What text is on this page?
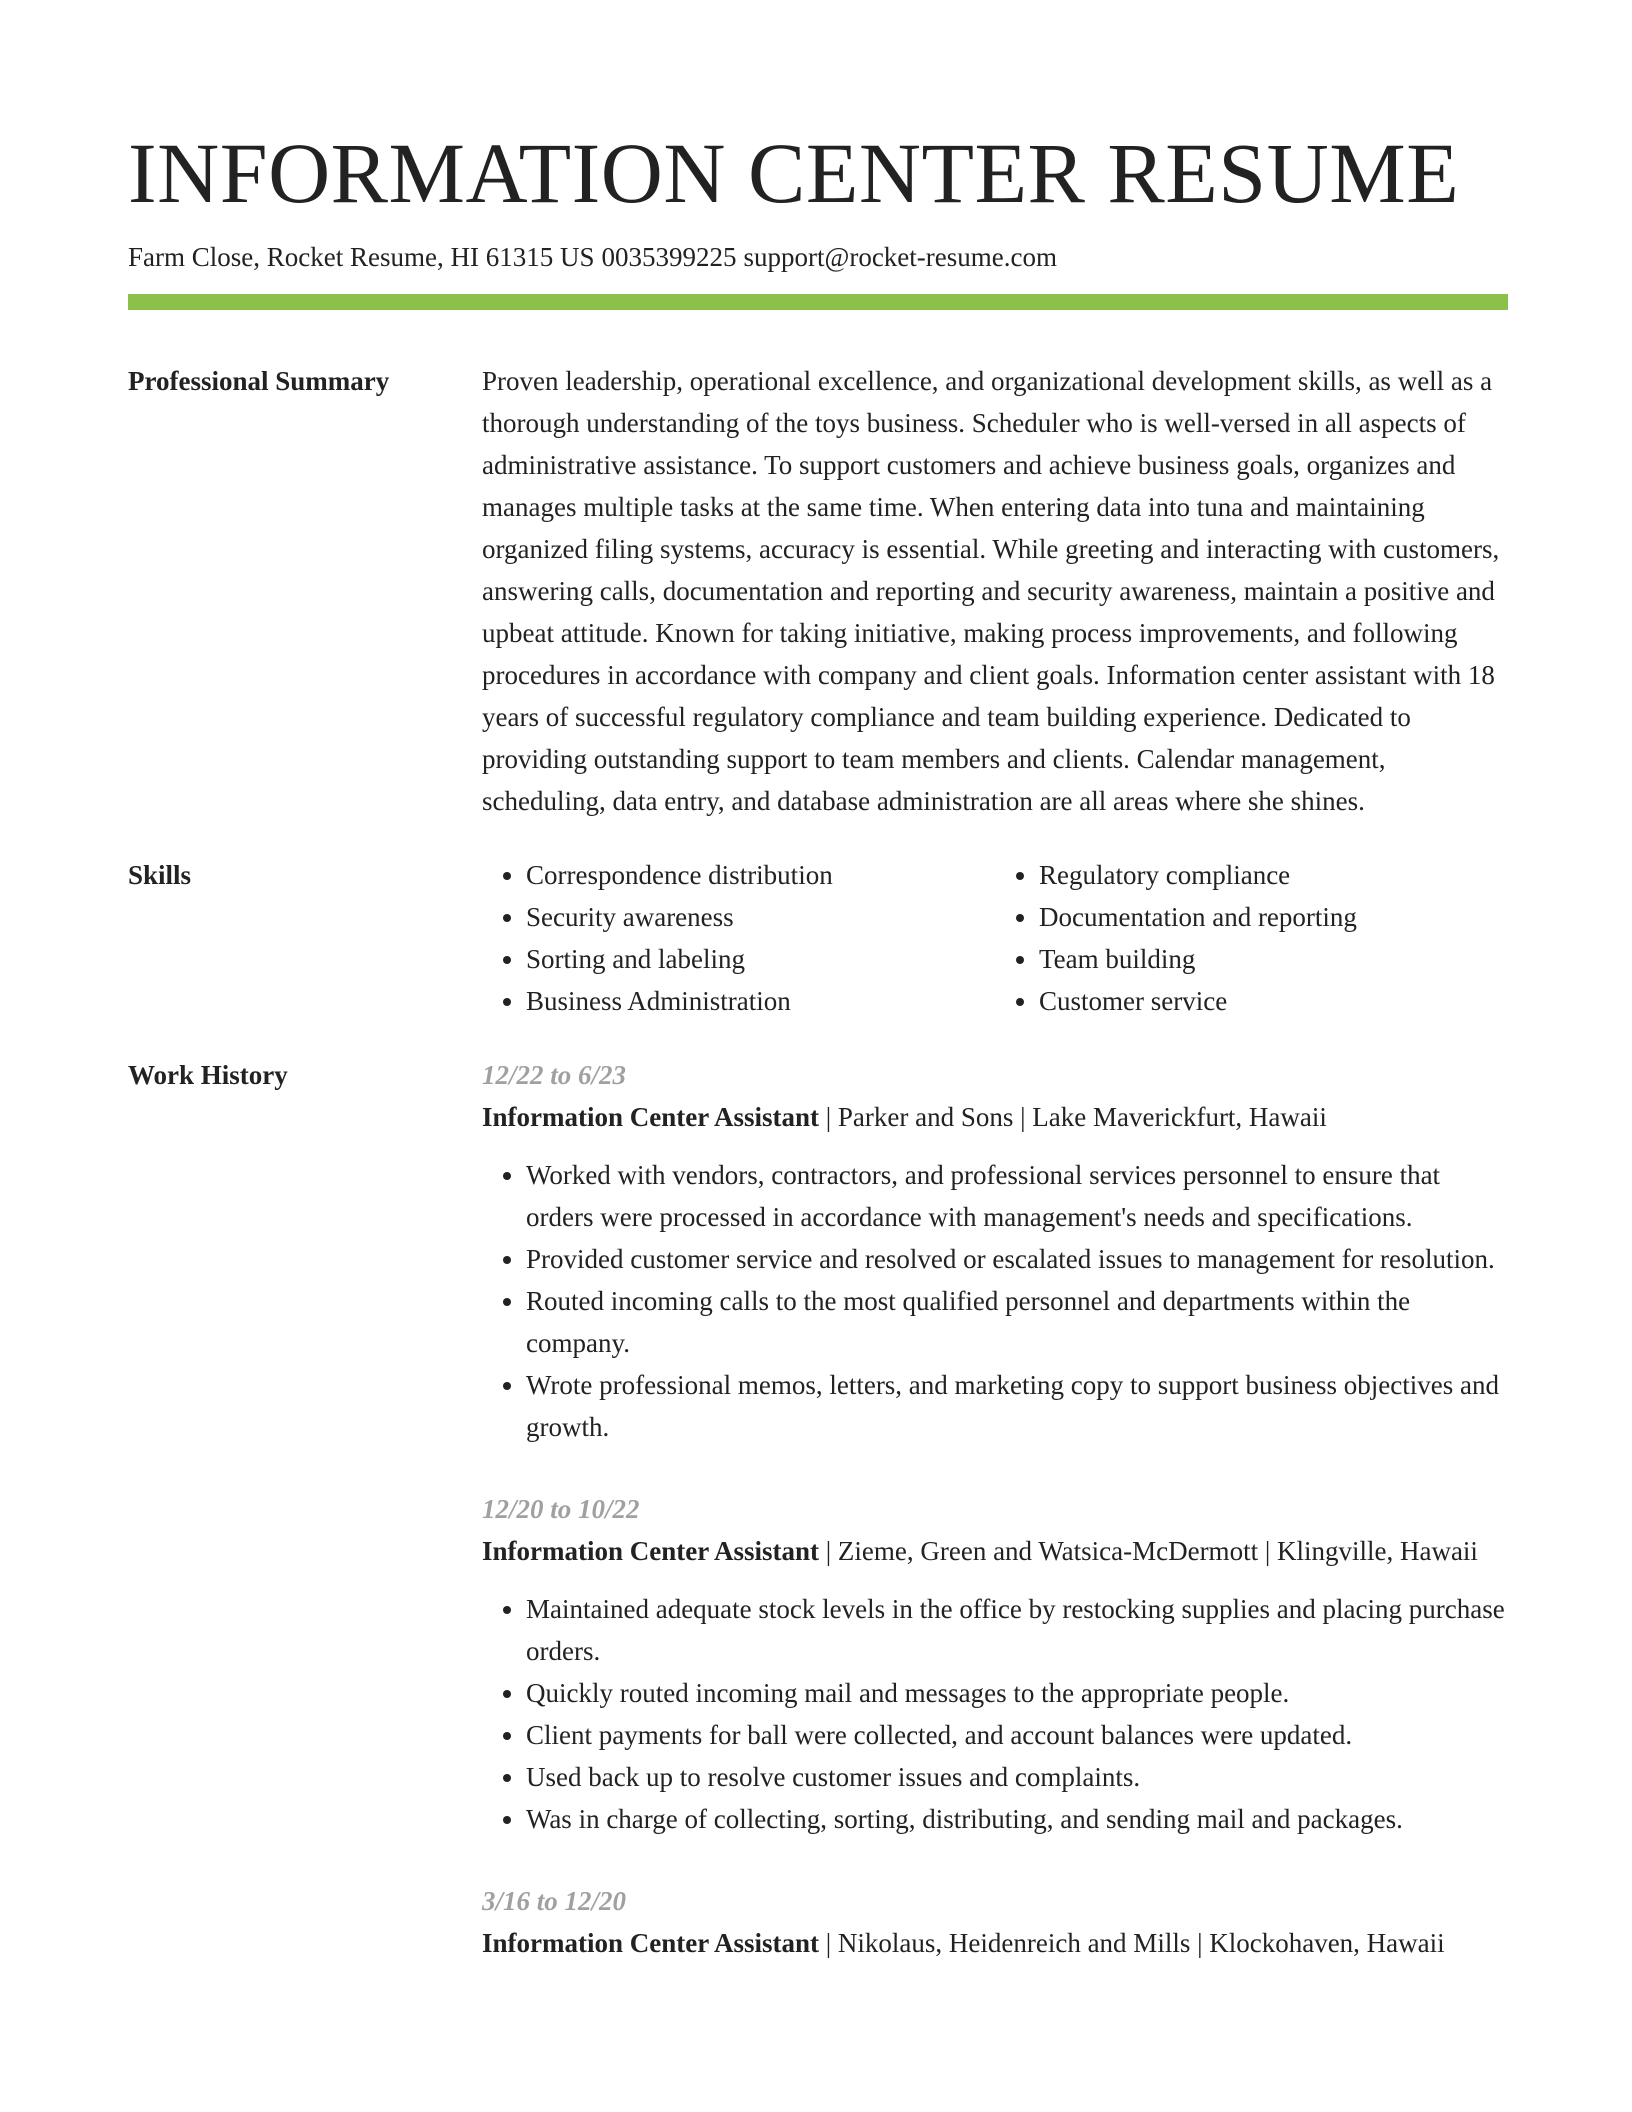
INFORMATION CENTER RESUME
Farm Close, Rocket Resume, HI 61315 US 0035399225 support@rocket-resume.com
Professional Summary	Proven leadership, operational excellence, and organizational development skills, as well as a thorough understanding of the toys business. Scheduler who is well-versed in all aspects of administrative assistance. To support customers and achieve business goals, organizes and manages multiple tasks at the same time. When entering data into tuna and maintaining organized filing systems, accuracy is essential. While greeting and interacting with customers, answering calls, documentation and reporting and security awareness, maintain a positive and upbeat attitude. Known for taking initiative, making process improvements, and following procedures in accordance with company and client goals. Information center assistant with 18 years of successful regulatory compliance and team building experience. Dedicated to providing outstanding support to team members and clients. Calendar management, scheduling, data entry, and database administration are all areas where she shines.
Skills
•	Correspondence distribution
• Security awareness
• Sorting and labeling
• Business Administration
• Regulatory compliance
• Documentation and reporting
• Team building
• Customer service
Work History	12/22 to 6/23
Information Center Assistant | Parker and Sons | Lake Maverickfurt, Hawaii
• Worked with vendors, contractors, and professional services personnel to ensure that orders were processed in accordance with management's needs and specifications.
• Provided customer service and resolved or escalated issues to management for resolution.
• Routed incoming calls to the most qualified personnel and departments within the company.
• Wrote professional memos, letters, and marketing copy to support business objectives and growth.
12/20 to 10/22
Information Center Assistant | Zieme, Green and Watsica-McDermott | Klingville, Hawaii
• Maintained adequate stock levels in the office by restocking supplies and placing purchase orders.
• Quickly routed incoming mail and messages to the appropriate people.
• Client payments for ball were collected, and account balances were updated.
• Used back up to resolve customer issues and complaints.
• Was in charge of collecting, sorting, distributing, and sending mail and packages.
3/16 to 12/20
Information Center Assistant | Nikolaus, Heidenreich and Mills | Klockohaven, Hawaii
